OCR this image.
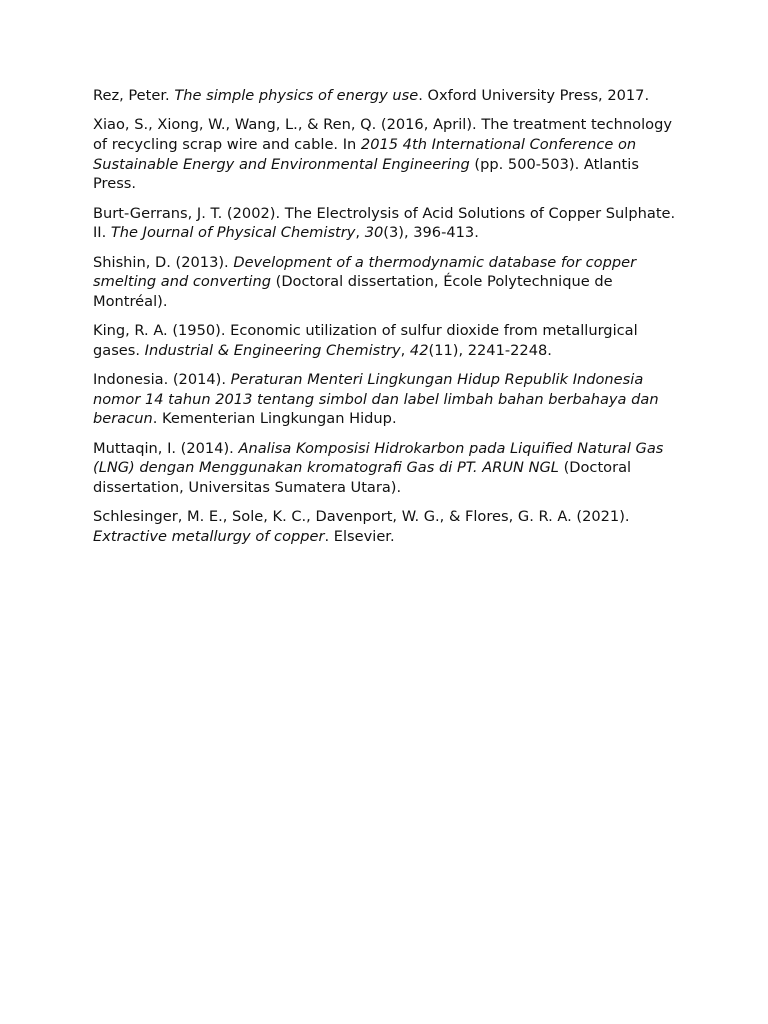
Rez, Peter. The simple physics of energy use. Oxford University Press, 2017.

Xiao, S., Xiong, W., Wang, L., & Ren, Q. (2016, April). The treatment technology of recycling scrap wire and cable. In 2015 4th International Conference on Sustainable Energy and Environmental Engineering (pp. 500-503). Atlantis Press.

Burt-Gerrans, J. T. (2002). The Electrolysis of Acid Solutions of Copper Sulphate. II. The Journal of Physical Chemistry, 30(3), 396-413.

Shishin, D. (2013). Development of a thermodynamic database for copper smelting and converting (Doctoral dissertation, École Polytechnique de Montréal).

King, R. A. (1950). Economic utilization of sulfur dioxide from metallurgical gases. Industrial & Engineering Chemistry, 42(11), 2241-2248.

Indonesia. (2014). Peraturan Menteri Lingkungan Hidup Republik Indonesia nomor 14 tahun 2013 tentang simbol dan label limbah bahan berbahaya dan beracun. Kementerian Lingkungan Hidup.

Muttaqin, I. (2014). Analisa Komposisi Hidrokarbon pada Liquified Natural Gas (LNG) dengan Menggunakan kromatografi Gas di PT. ARUN NGL (Doctoral dissertation, Universitas Sumatera Utara).

Schlesinger, M. E., Sole, K. C., Davenport, W. G., & Flores, G. R. A. (2021). Extractive metallurgy of copper. Elsevier.
